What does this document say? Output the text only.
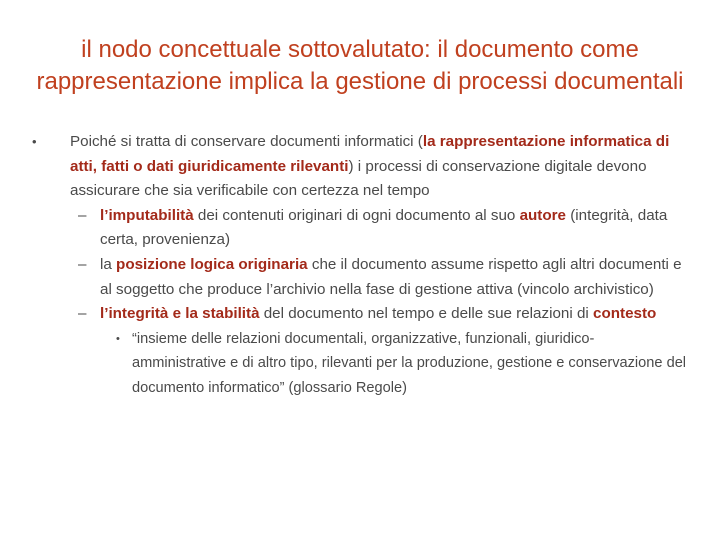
il nodo concettuale sottovalutato: il documento come
rappresentazione implica la gestione di processi documentali
• Poiché si tratta di conservare documenti informatici (la rappresentazione informatica di atti, fatti o dati giuridicamente rilevanti) i processi di conservazione digitale devono assicurare che sia verificabile con certezza nel tempo
– l’imputabilità dei contenuti originari di ogni documento al suo autore (integrità, data certa, provenienza)
– la posizione logica originaria che il documento assume rispetto agli altri documenti e al soggetto che produce l’archivio nella fase di gestione attiva (vincolo archivistico)
– l’integrità e la stabilità del documento nel tempo e delle sue relazioni di contesto
• “insieme delle relazioni documentali, organizzative, funzionali, giuridico- amministrative e di altro tipo, rilevanti per la produzione, gestione e conservazione del documento informatico” (glossario Regole)
